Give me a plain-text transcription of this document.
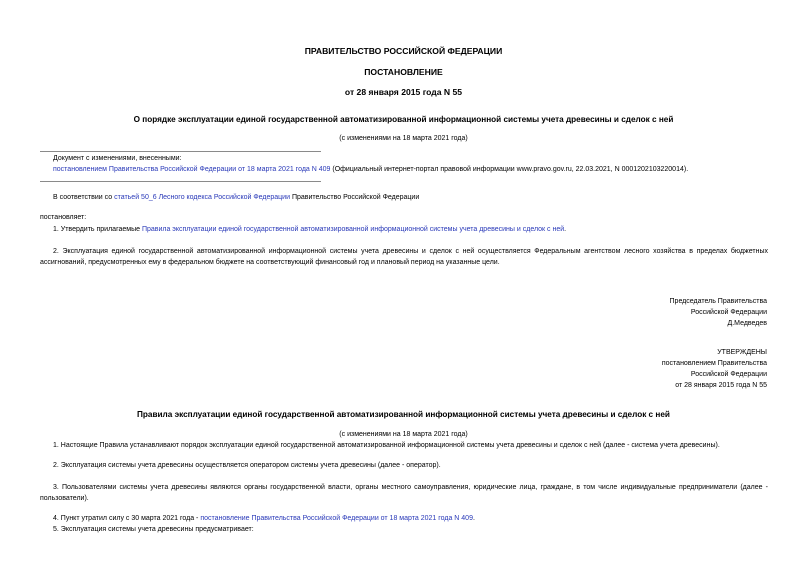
ПРАВИТЕЛЬСТВО РОССИЙСКОЙ ФЕДЕРАЦИИ
ПОСТАНОВЛЕНИЕ
от 28 января 2015 года N 55
О порядке эксплуатации единой государственной автоматизированной информационной системы учета древесины и сделок с ней
(с изменениями на 18 марта 2021 года)
Документ с изменениями, внесенными:
постановлением Правительства Российской Федерации от 18 марта 2021 года N 409 (Официальный интернет-портал правовой информации www.pravo.gov.ru, 22.03.2021, N 0001202103220014).
В соответствии со статьей 50_6 Лесного кодекса Российской Федерации Правительство Российской Федерации
постановляет:
1. Утвердить прилагаемые Правила эксплуатации единой государственной автоматизированной информационной системы учета древесины и сделок с ней.
2. Эксплуатация единой государственной автоматизированной информационной системы учета древесины и сделок с ней осуществляется Федеральным агентством лесного хозяйства в пределах бюджетных ассигнований, предусмотренных ему в федеральном бюджете на соответствующий финансовый год и плановый период на указанные цели.
Председатель Правительства
Российской Федерации
Д.Медведев
УТВЕРЖДЕНЫ
постановлением Правительства
Российской Федерации
от 28 января 2015 года N 55
Правила эксплуатации единой государственной автоматизированной информационной системы учета древесины и сделок с ней
(с изменениями на 18 марта 2021 года)
1. Настоящие Правила устанавливают порядок эксплуатации единой государственной автоматизированной информационной системы учета древесины и сделок с ней (далее - система учета древесины).
2. Эксплуатация системы учета древесины осуществляется оператором системы учета древесины (далее - оператор).
3. Пользователями системы учета древесины являются органы государственной власти, органы местного самоуправления, юридические лица, граждане, в том числе индивидуальные предприниматели (далее - пользователи).
4. Пункт утратил силу с 30 марта 2021 года - постановление Правительства Российской Федерации от 18 марта 2021 года N 409.
5. Эксплуатация системы учета древесины предусматривает:
